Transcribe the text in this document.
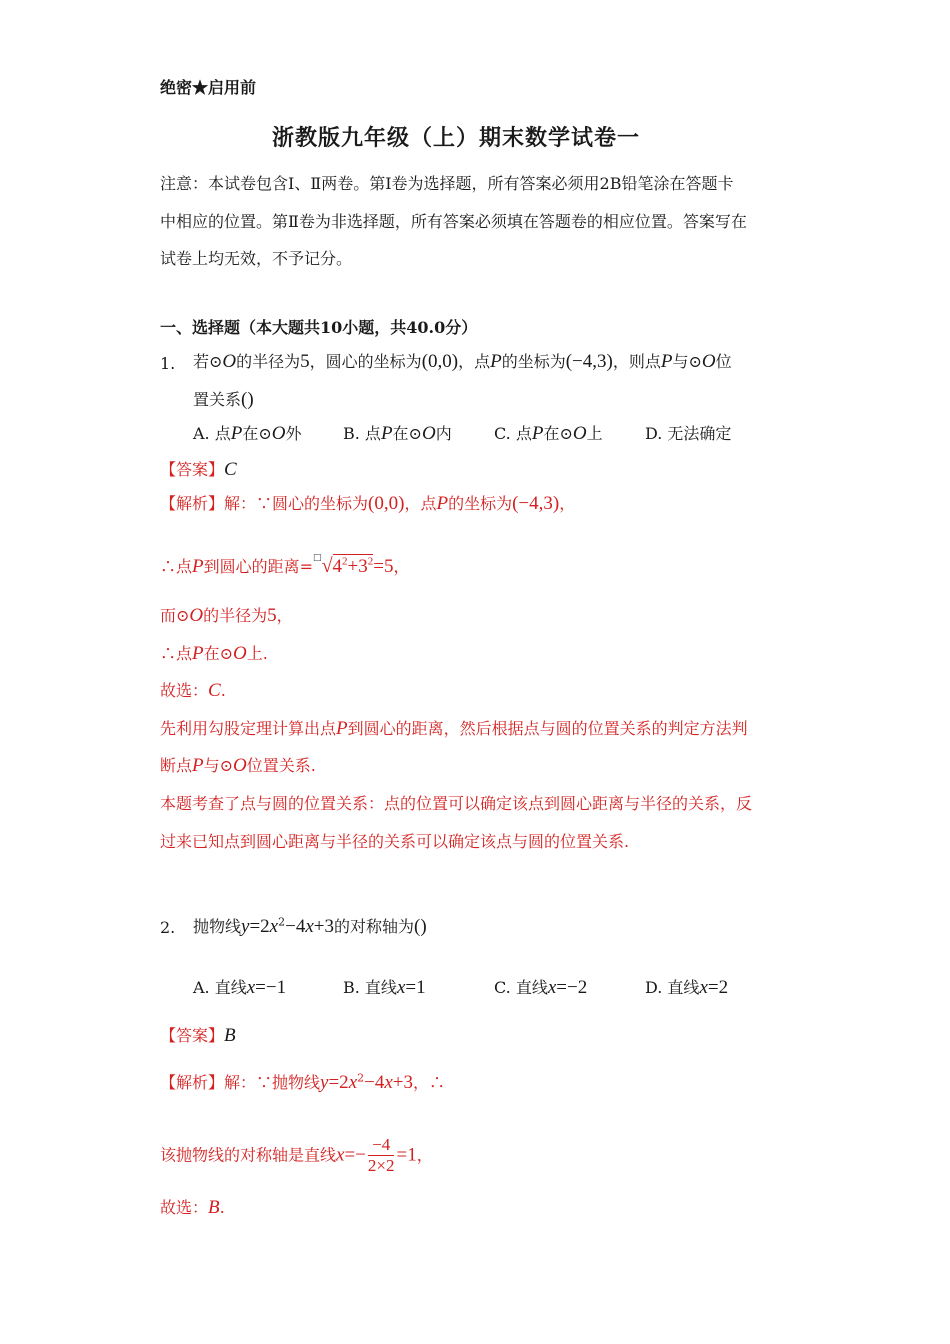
绝密★启用前
浙教版九年级（上）期末数学试卷一
注意：本试卷包含Ⅰ、Ⅱ两卷。第Ⅰ卷为选择题，所有答案必须用2B铅笔涂在答题卡
中相应的位置。第Ⅱ卷为非选择题，所有答案必须填在答题卷的相应位置。答案写在
试卷上均无效，不予记分。
一、选择题（本大题共10小题，共40.0分）
1. 若⊙O的半径为5，圆心的坐标为(0,0)，点P的坐标为(−4,3)，则点P与⊙O位
置关系()
A. 点P在⊙O外	B. 点P在⊙O内	C. 点P在⊙O上	D. 无法确定
【答案】C
【解析】解：∵圆心的坐标为(0,0)，点P的坐标为(−4,3)，
∴点P到圆心的距离$=^□√4^2+3^2=5$，
而⊙O的半径为5，
∴点P在⊙O上.
故选：C.
先利用勾股定理计算出点P到圆心的距离，然后根据点与圆的位置关系的判定方法判
断点P与⊙O位置关系.
本题考查了点与圆的位置关系：点的位置可以确定该点到圆心距离与半径的关系，反
过来已知点到圆心距离与半径的关系可以确定该点与圆的位置关系.
2. 抛物线$y=2x^2-4x+3$的对称轴为()
A. 直线x=−1	B. 直线x=1	C. 直线x=−2	D. 直线x=2
【答案】B
【解析】解：∵抛物线$y=2x^2-4x+3$，∴
该抛物线的对称轴是直线$x=- \frac{-4}{2\times 2} =1$，
故选：B.
